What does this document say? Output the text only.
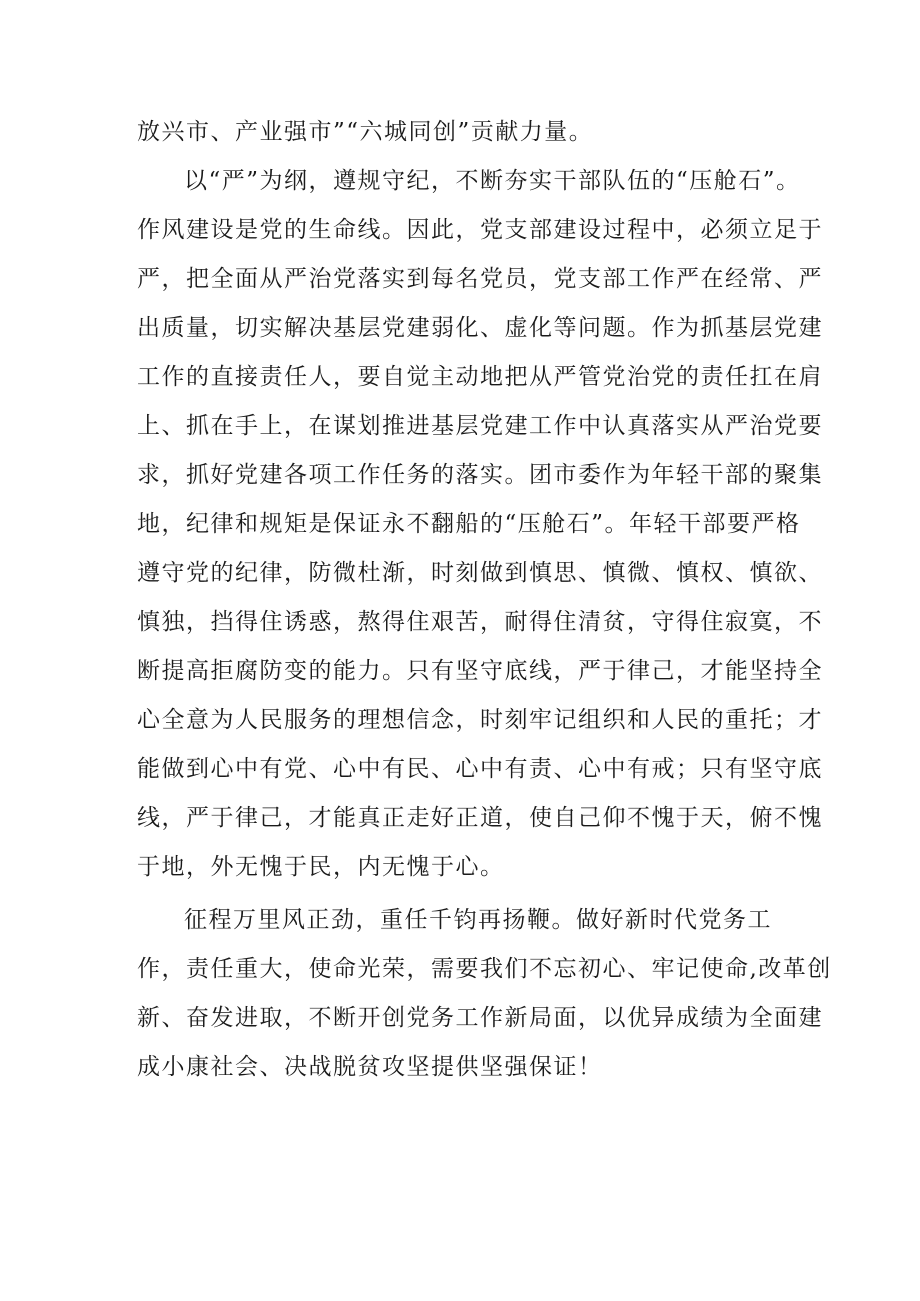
放兴市、产业强市”“六城同创”贡献力量。
以“严”为纲，遵规守纪，不断夯实干部队伍的“压舱石”。
作风建设是党的生命线。因此，党支部建设过程中，必须立足于
严，把全面从严治党落实到每名党员，党支部工作严在经常、严
出质量，切实解决基层党建弱化、虚化等问题。作为抓基层党建
工作的直接责任人，要自觉主动地把从严管党治党的责任扛在肩
上、抓在手上，在谋划推进基层党建工作中认真落实从严治党要
求，抓好党建各项工作任务的落实。团市委作为年轻干部的聚集
地，纪律和规矩是保证永不翻船的“压舱石”。年轻干部要严格
遵守党的纪律，防微杜渐，时刻做到慎思、慎微、慎权、慎欲、
慎独，挡得住诱惑，熬得住艰苦，耐得住清贫，守得住寂寞，不
断提高拒腐防变的能力。只有坚守底线，严于律己，才能坚持全
心全意为人民服务的理想信念，时刻牢记组织和人民的重托；才
能做到心中有党、心中有民、心中有责、心中有戒；只有坚守底
线，严于律己，才能真正走好正道，使自己仰不愧于天，俯不愧
于地，外无愧于民，内无愧于心。
征程万里风正劲，重任千钧再扬鞭。做好新时代党务工
作，责任重大，使命光荣，需要我们不忘初心、牢记使命,改革创
新、奋发进取，不断开创党务工作新局面，以优异成绩为全面建
成小康社会、决战脱贫攻坚提供坚强保证！
